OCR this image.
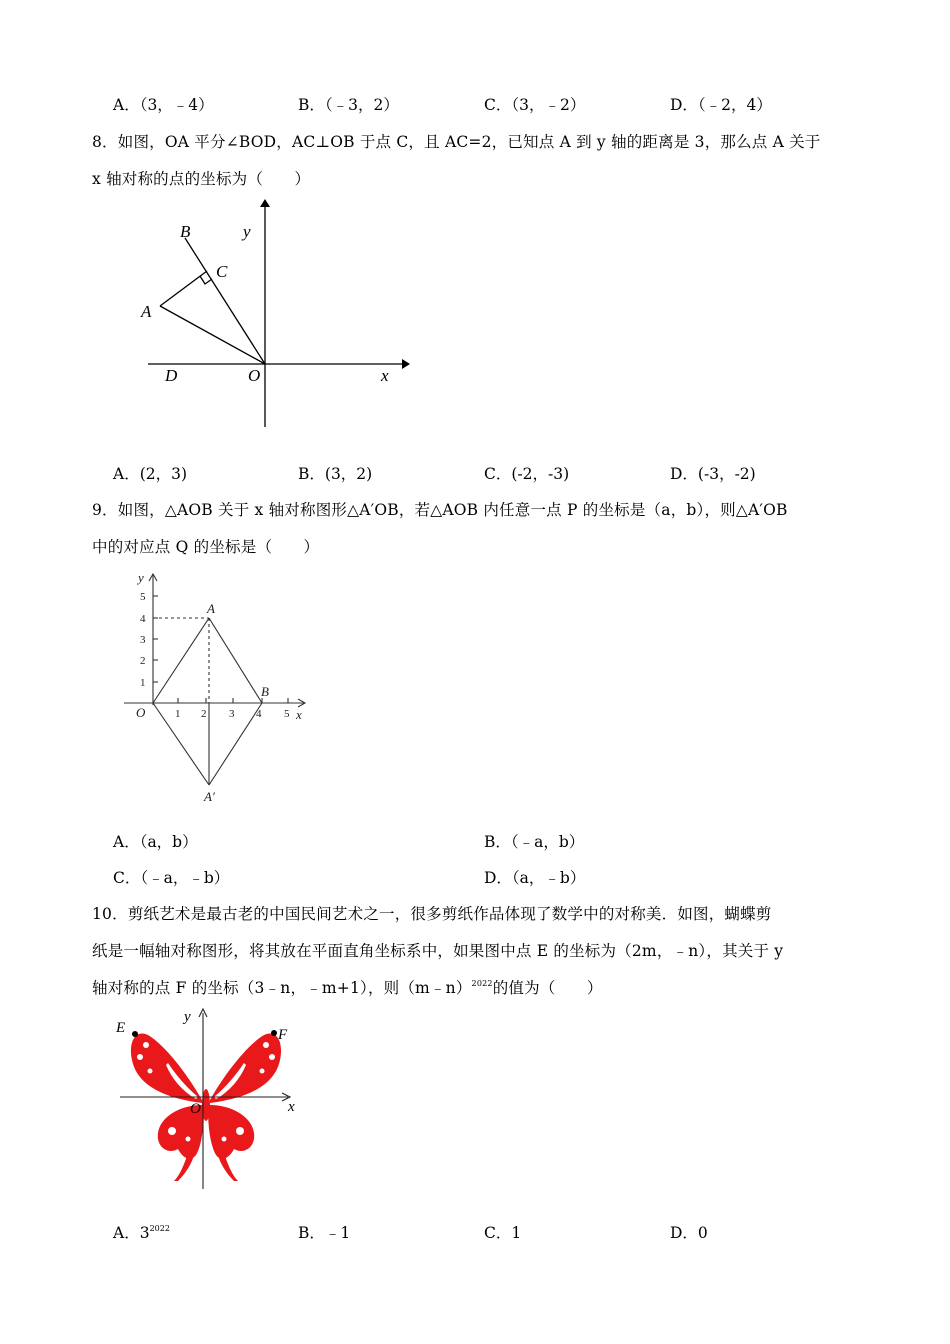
A．（3，﹣4）	B．（﹣3，2）	C．（3，﹣2）	D．（﹣2，4）
8．如图，OA 平分∠BOD，AC⊥OB 于点 C，且 AC=2，已知点 A 到 y 轴的距离是 3，那么点 A 关于
x 轴对称的点的坐标为（　　）
B	y
C
A
D	O	x
A．(2，3)	B．(3，2)	C．(-2，-3)	D．(-3，-2)
9．如图，△AOB 关于 x 轴对称图形△A′OB，若△AOB 内任意一点 P 的坐标是（a，b），则△A′OB
中的对应点 Q 的坐标是（　　）
5
4
3
2
1
1 2 3 4 5
y
x
O
A
B
A′
A．（a，b）	B．（﹣a，b）
C．（﹣a，﹣b）	D．（a，﹣b）
10．剪纸艺术是最古老的中国民间艺术之一，很多剪纸作品体现了数学中的对称美．如图，蝴蝶剪
纸是一幅轴对称图形，将其放在平面直角坐标系中，如果图中点 E 的坐标为（2m，﹣n），其关于 y
轴对称的点 F 的坐标（3﹣n，﹣m+1），则（m﹣n）$^{2022}$的值为（　　）
E	F
y
x
O
A．$3^{2022}$	B．﹣1	C．1	D．0
